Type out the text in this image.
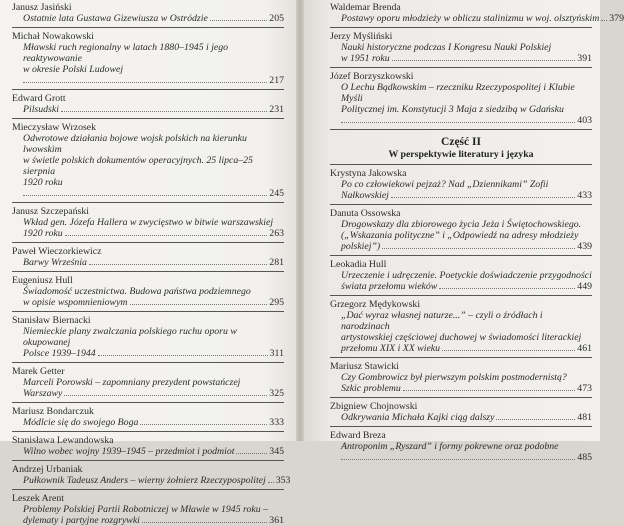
Janusz Jasiński
Ostatnie lata Gustawa Gizewiusza w Ostródzie	205
Michał Nowakowski
Mławski ruch regionalny w latach 1880–1945 i jego reaktywowanie
w okresie Polski Ludowej
217
Edward Grott
Pilsudski	231
Mieczysław Wrzosek
Odwrotowe działania bojowe wojsk polskich na kierunku lwowskim
w świetle polskich dokumentów operacyjnych. 25 lipca–25 sierpnia
1920 roku
245
Janusz Szczepański
Wkład gen. Józefa Hallera w zwycięstwo w bitwie warszawskiej
1920 roku	263
Paweł Wieczorkiewicz
Barwy Września	281
Eugeniusz Hull
Świadomość uczestnictwa. Budowa państwa podziemnego
w opisie wspomnieniowym	295
Stanisław Biernacki
Niemieckie plany zwalczania polskiego ruchu oporu w okupowanej
Polsce 1939–1944	311
Marek Getter
Marceli Porowski – zapomniany prezydent powstańczej
Warszawy	325
Mariusz Bondarczuk
Módlcie się do swojego Boga	333
Stanisława Lewandowska
Wilno wobec wojny 1939–1945 – przedmiot i podmiot	345
Andrzej Urbaniak
Pułkownik Tadeusz Anders – wierny żołnierz Rzeczypospolitej 353
Leszek Arent
Problemy Polskiej Partii Robotniczej w Mławie w 1945 roku –
dylematy i partyjne rozgrywki	361
Waldemar Brenda
Postawy oporu młodzieży w obliczu stalinizmu w woj. olsztyńskim 379
Jerzy Myśliński
Nauki historyczne podczas I Kongresu Nauki Polskiej
w 1951 roku	391
Józef Borzyszkowski
O Lechu Bądkowskim – rzeczniku Rzeczypospolitej i Klubie Myśli
Politycznej im. Konstytucji 3 Maja z siedzibą w Gdańsku
403
Część II
W perspektywie literatury i języka
Krystyna Jakowska
Po co człowiekowi pejzaż? Nad „Dziennikami” Zofii
Nałkowskiej	433
Danuta Ossowska
Drogowskazy dla zbiorowego życia Jeża i Świętochowskiego.
(„Wskazania polityczne” i „Odpowiedź na adresy młodzieży
polskiej”)	439
Leokadia Hull
Urzeczenie i udręczenie. Poetyckie doświadczenie przygodności
świata przełomu wieków	449
Grzegorz Mędykowski
„Dać wyraz własnej naturze...” – czyli o źródłach i narodzinach
artystowskiej częściowej duchowej w świadomości literackiej
przełomu XIX i XX wieku	461
Mariusz Stawicki
Czy Gombrowicz był pierwszym polskim postmodernistą?
Szkic problemu	473
Zbigniew Chojnowski
Odkrywania Michała Kajki ciąg dalszy	481
Edward Breza
Antroponim „Ryszard” i formy pokrewne oraz podobne
485
